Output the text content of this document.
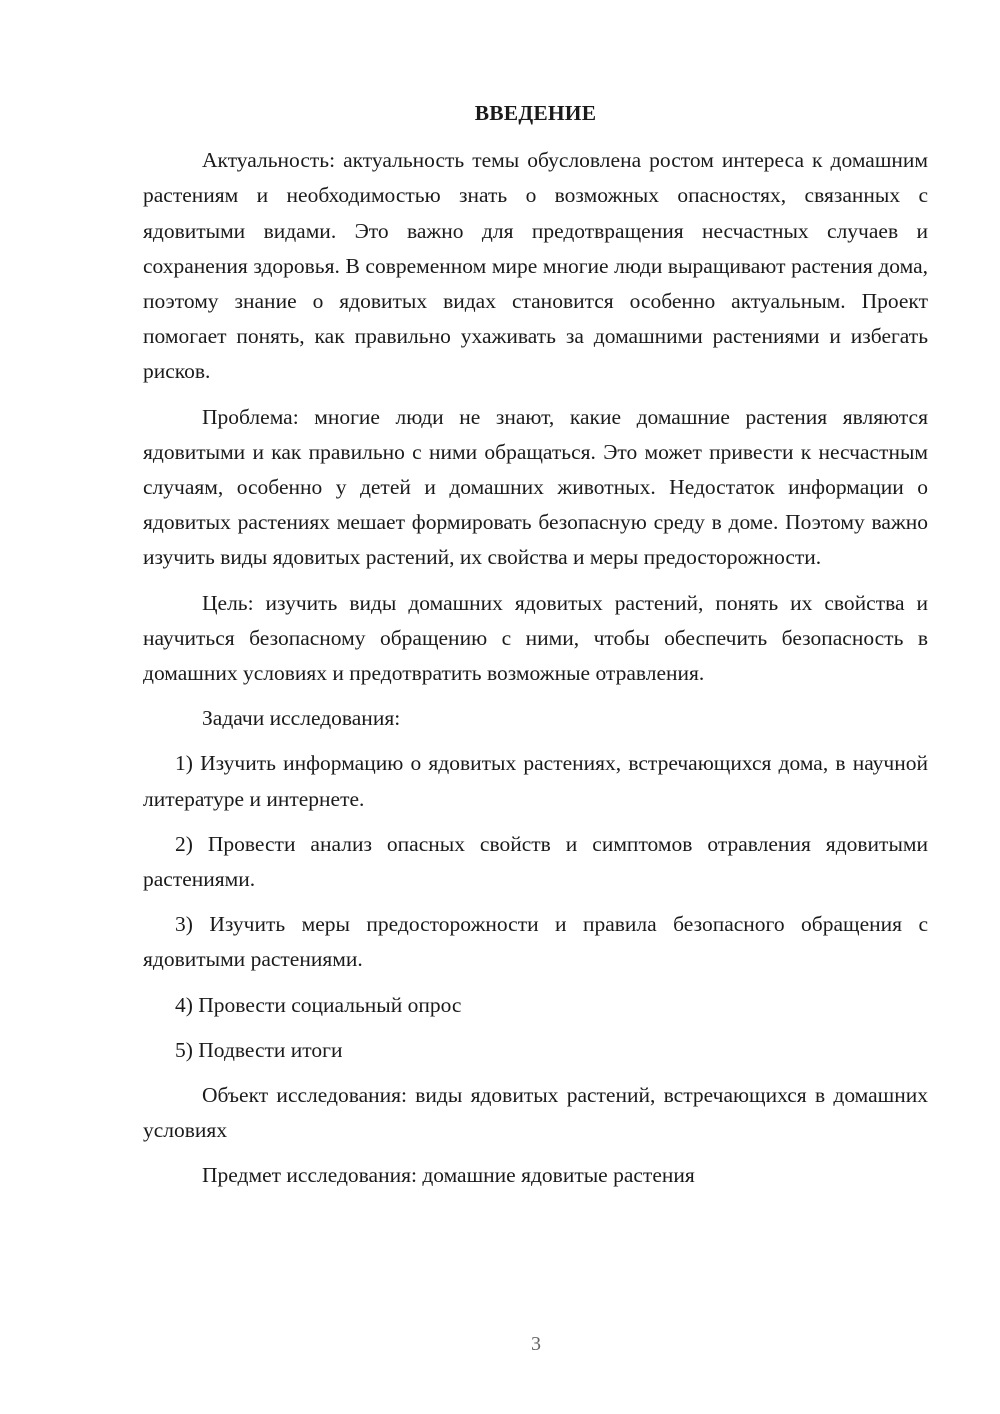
ВВЕДЕНИЕ

Актуальность: актуальность темы обусловлена ростом интереса к домашним растениям и необходимостью знать о возможных опасностях, связанных с ядовитыми видами. Это важно для предотвращения несчастных случаев и сохранения здоровья. В современном мире многие люди выращивают растения дома, поэтому знание о ядовитых видах становится особенно актуальным. Проект помогает понять, как правильно ухаживать за домашними растениями и избегать рисков.

Проблема: многие люди не знают, какие домашние растения являются ядовитыми и как правильно с ними обращаться. Это может привести к несчастным случаям, особенно у детей и домашних животных. Недостаток информации о ядовитых растениях мешает формировать безопасную среду в доме. Поэтому важно изучить виды ядовитых растений, их свойства и меры предосторожности.

Цель: изучить виды домашних ядовитых растений, понять их свойства и научиться безопасному обращению с ними, чтобы обеспечить безопасность в домашних условиях и предотвратить возможные отравления.

Задачи исследования:

1) Изучить информацию о ядовитых растениях, встречающихся дома, в научной литературе и интернете.

2) Провести анализ опасных свойств и симптомов отравления ядовитыми растениями.

3) Изучить меры предосторожности и правила безопасного обращения с ядовитыми растениями.

4) Провести социальный опрос

5) Подвести итоги

Объект исследования: виды ядовитых растений, встречающихся в домашних условиях

Предмет исследования: домашние ядовитые растения

3
